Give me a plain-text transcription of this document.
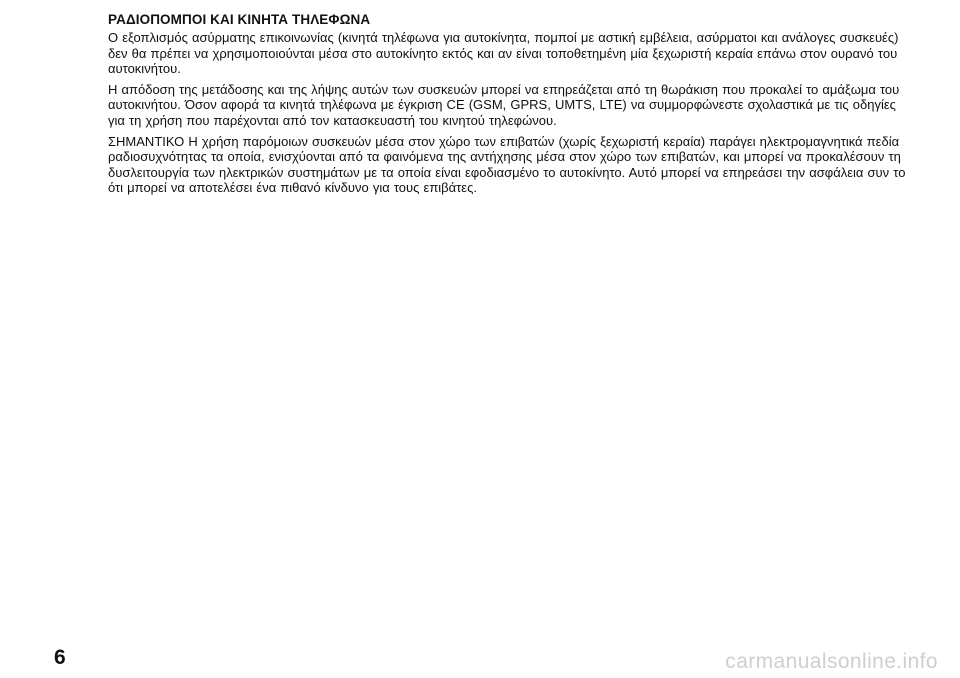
ΡΑΔΙΟΠΟΜΠΟΙ ΚΑΙ ΚΙΝΗΤΑ ΤΗΛΕΦΩΝΑ

Ο εξοπλισμός ασύρματης επικοινωνίας (κινητά τηλέφωνα για αυτοκίνητα, πομποί με αστική εμβέλεια, ασύρματοι και ανάλογες συσκευές) δεν θα πρέπει να χρησιμοποιούνται μέσα στο αυτοκίνητο εκτός και αν είναι τοποθετημένη μία ξεχωριστή κεραία επάνω στον ουρανό του αυτοκινήτου.

Η απόδοση της μετάδοσης και της λήψης αυτών των συσκευών μπορεί να επηρεάζεται από τη θωράκιση που προκαλεί το αμάξωμα του αυτοκινήτου. Όσον αφορά τα κινητά τηλέφωνα με έγκριση CE (GSM, GPRS, UMTS, LTE) να συμμορφώνεστε σχολαστικά με τις οδηγίες για τη χρήση που παρέχονται από τον κατασκευαστή του κινητού τηλεφώνου.

ΣΗΜΑΝΤΙΚΟ Η χρήση παρόμοιων συσκευών μέσα στον χώρο των επιβατών (χωρίς ξεχωριστή κεραία) παράγει ηλεκτρομαγνητικά πεδία ραδιοσυχνότητας τα οποία, ενισχύονται από τα φαινόμενα της αντήχησης μέσα στον χώρο των επιβατών, και μπορεί να προκαλέσουν τη δυσλειτουργία των ηλεκτρικών συστημάτων με τα οποία είναι εφοδιασμένο το αυτοκίνητο. Αυτό μπορεί να επηρεάσει την ασφάλεια συν το ότι μπορεί να αποτελέσει ένα πιθανό κίνδυνο για τους επιβάτες.

6	carmanualsonline.info
